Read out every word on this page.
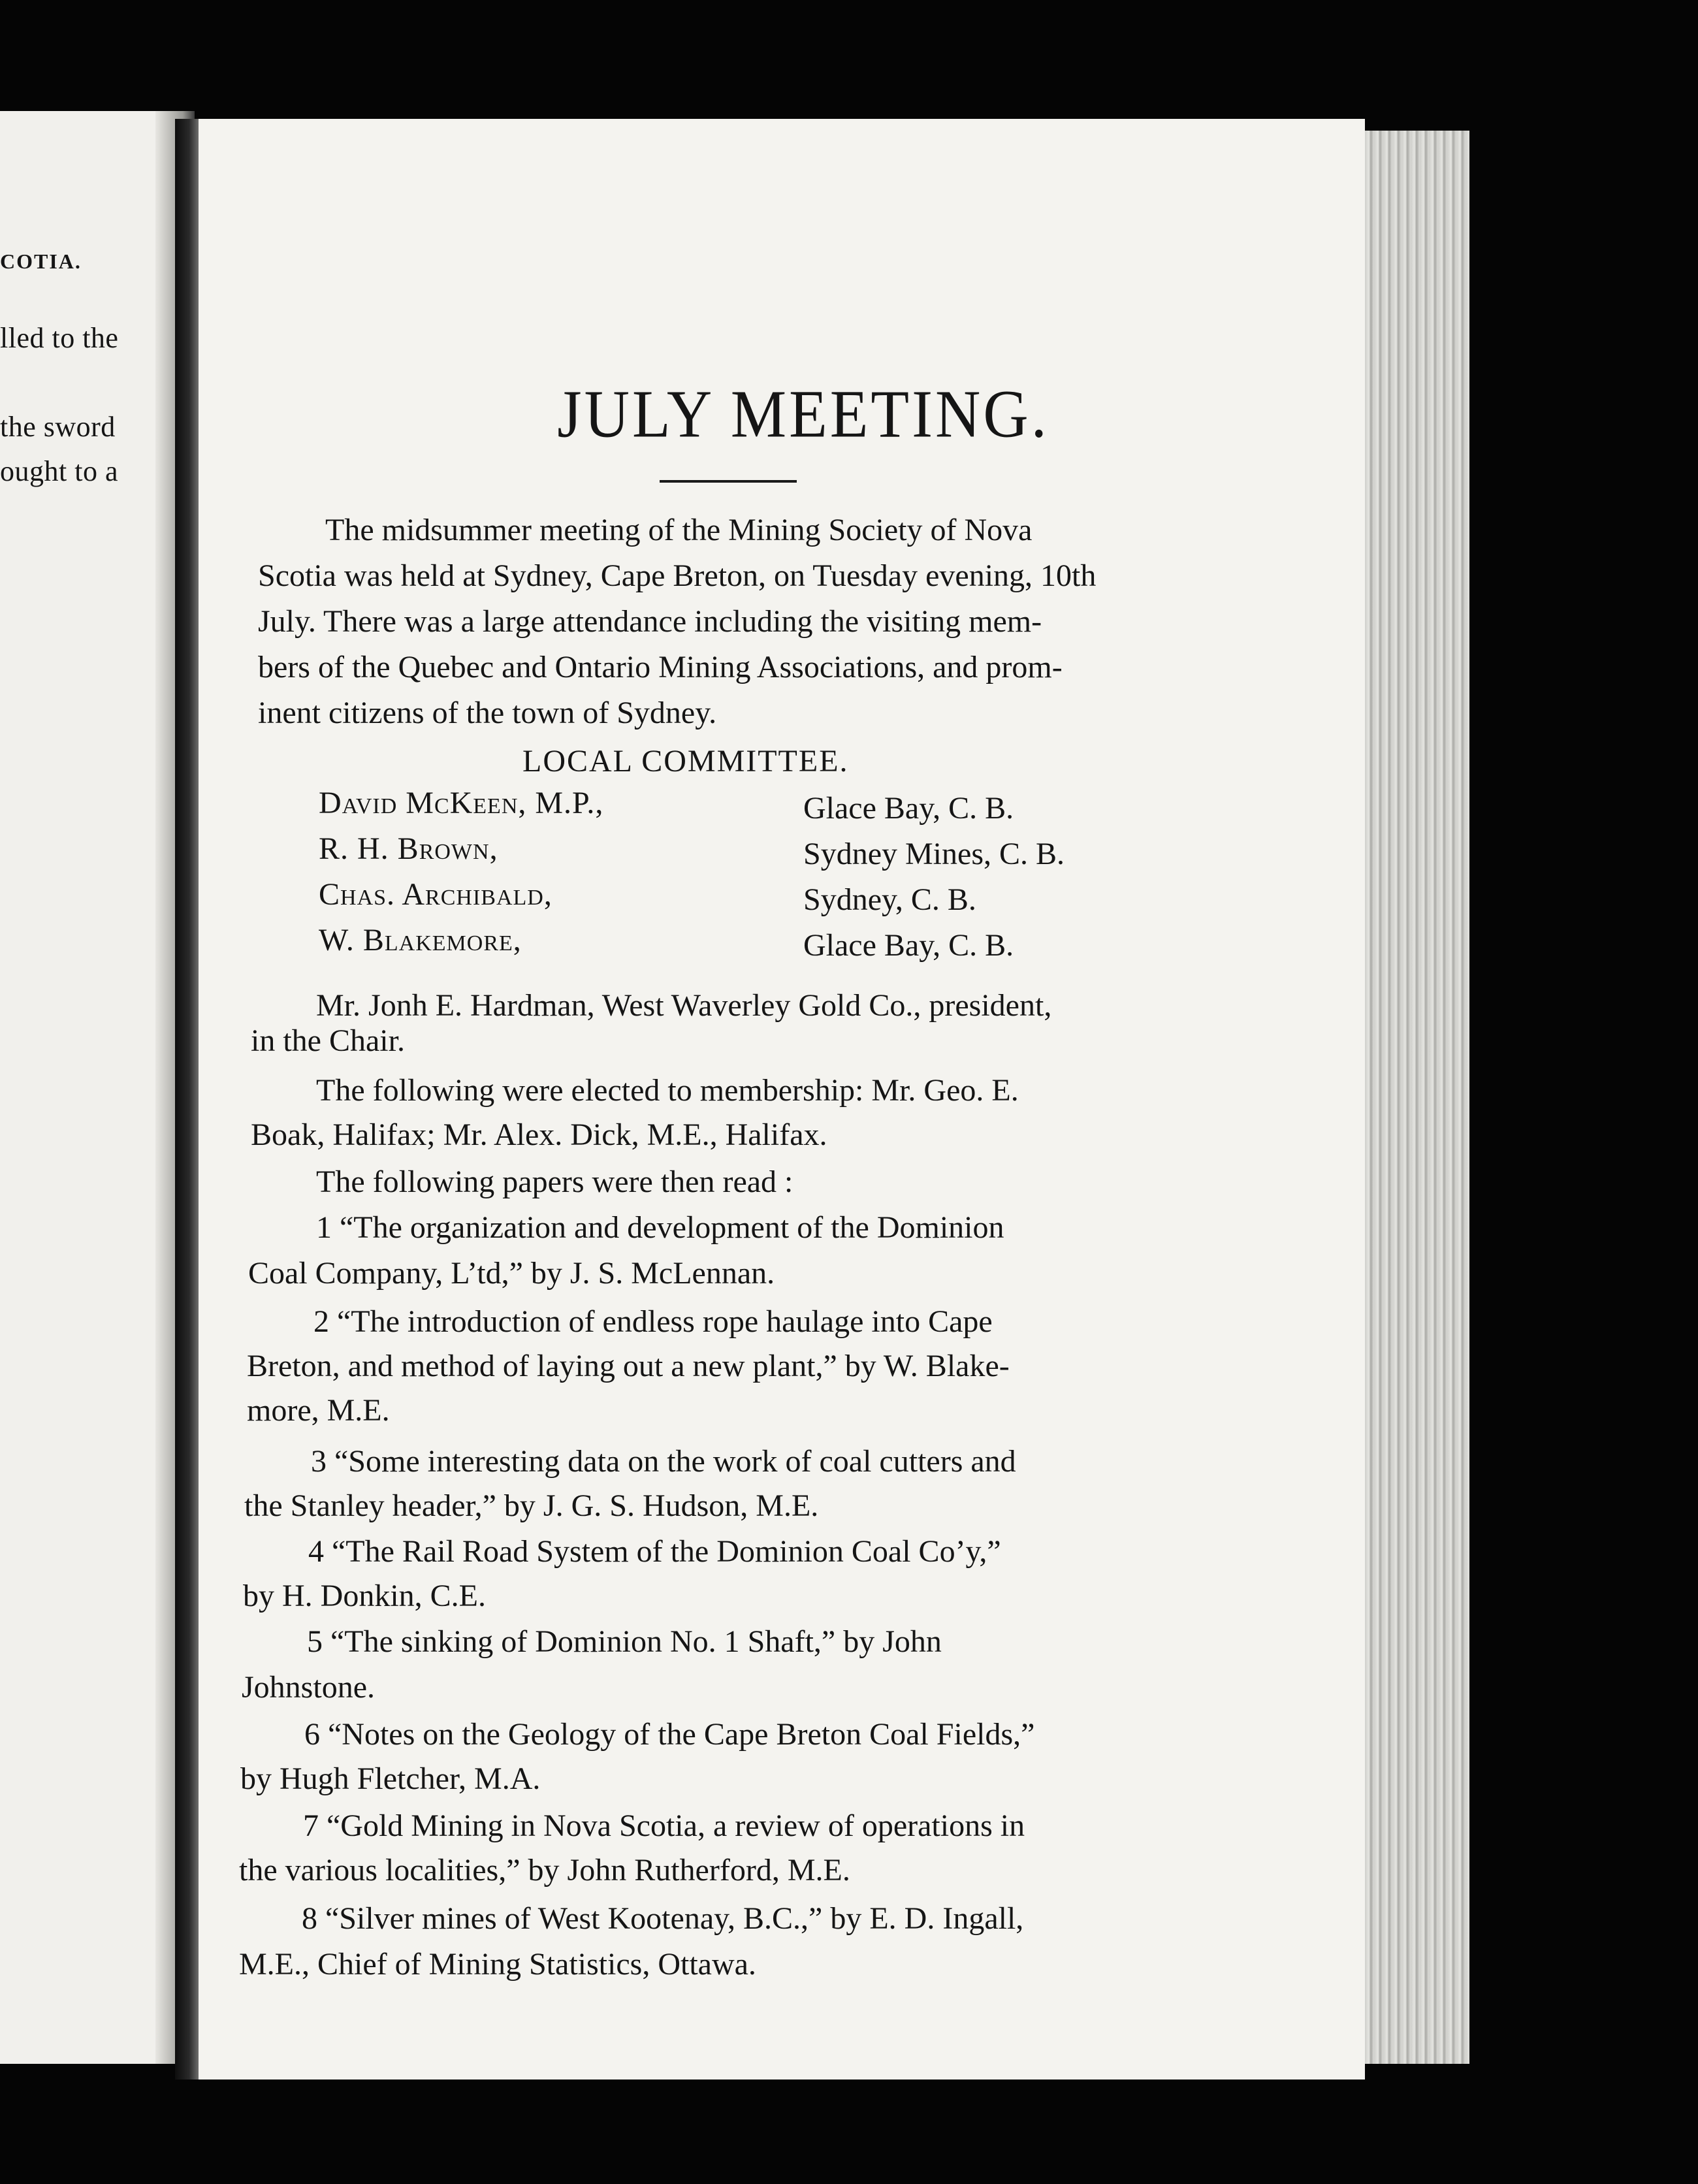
COTIA.
lled to the
the sword
ought to a
JULY MEETING.
The midsummer meeting of the Mining Society of Nova
Scotia was held at Sydney, Cape Breton, on Tuesday evening, 10th
July. There was a large attendance including the visiting mem-
bers of the Quebec and Ontario Mining Associations, and prom-
inent citizens of the town of Sydney.
LOCAL COMMITTEE.
David McKeen, M.P.,	Glace Bay, C. B.
R. H. Brown,	Sydney Mines, C. B.
Chas. Archibald,	Sydney, C. B.
W. Blakemore,	Glace Bay, C. B.
Mr. Jonh E. Hardman, West Waverley Gold Co., president,
in the Chair.
The following were elected to membership: Mr. Geo. E.
Boak, Halifax; Mr. Alex. Dick, M.E., Halifax.
The following papers were then read :
1 “The organization and development of the Dominion
Coal Company, L’td,” by J. S. McLennan.
2 “The introduction of endless rope haulage into Cape
Breton, and method of laying out a new plant,” by W. Blake-
more, M.E.
3 “Some interesting data on the work of coal cutters and
the Stanley header,” by J. G. S. Hudson, M.E.
4 “The Rail Road System of the Dominion Coal Co’y,”
by H. Donkin, C.E.
5 “The sinking of Dominion No. 1 Shaft,” by John
Johnstone.
6 “Notes on the Geology of the Cape Breton Coal Fields,”
by Hugh Fletcher, M.A.
7 “Gold Mining in Nova Scotia, a review of operations in
the various localities,” by John Rutherford, M.E.
8 “Silver mines of West Kootenay, B.C.,” by E. D. Ingall,
M.E., Chief of Mining Statistics, Ottawa.
